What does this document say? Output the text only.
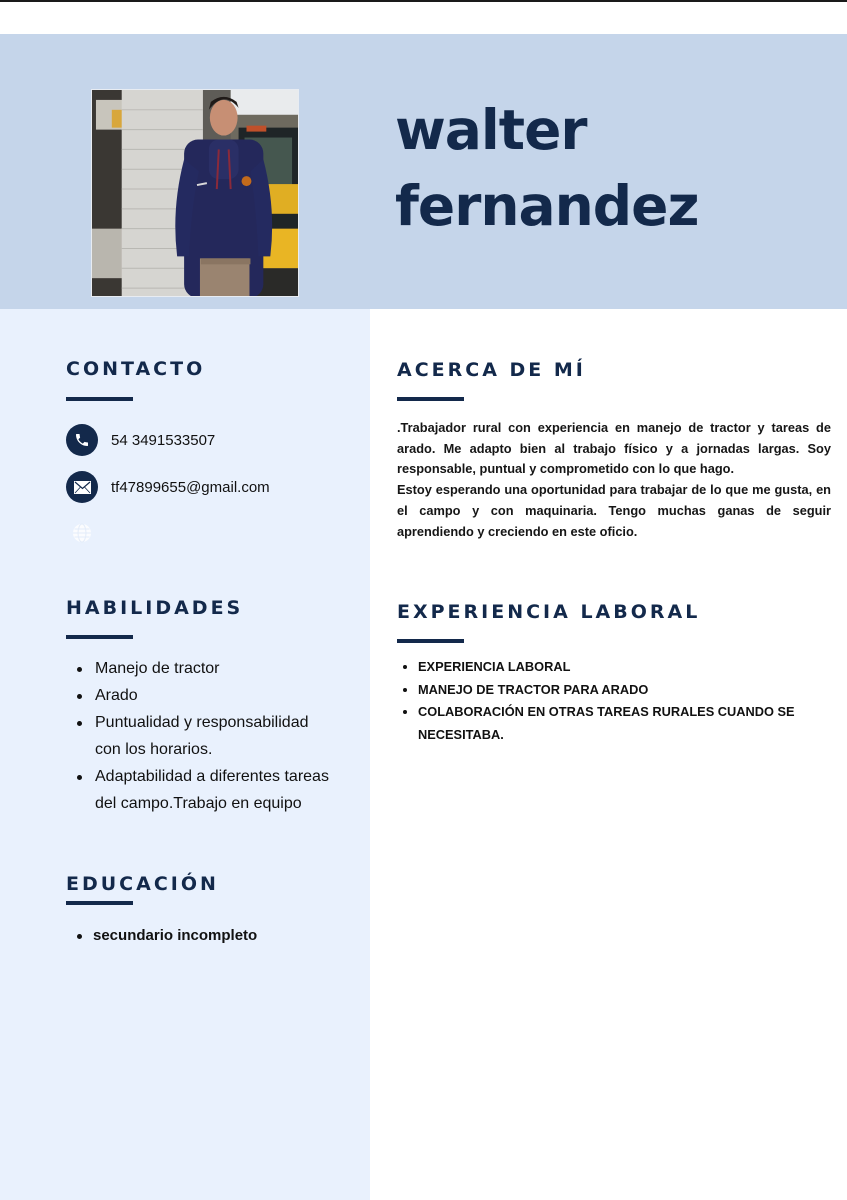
walter
fernandez
CONTACTO
54 3491533507
tf47899655@gmail.com
HABILIDADES
Manejo de tractor
Arado
Puntualidad y responsabilidad con los horarios.
Adaptabilidad a diferentes tareas del campo.Trabajo en equipo
EDUCACIÓN
secundario incompleto
ACERCA DE MÍ

.Trabajador rural con experiencia en manejo de tractor y tareas de arado. Me adapto bien al trabajo físico y a jornadas largas. Soy responsable, puntual y comprometido con lo que hago.

Estoy esperando una oportunidad para trabajar de lo que me gusta, en el campo y con maquinaria. Tengo muchas ganas de seguir aprendiendo y creciendo en este oficio.

EXPERIENCIA LABORAL
EXPERIENCIA LABORAL
MANEJO DE TRACTOR PARA ARADO
COLABORACIÓN EN OTRAS TAREAS RURALES CUANDO SE NECESITABA.
